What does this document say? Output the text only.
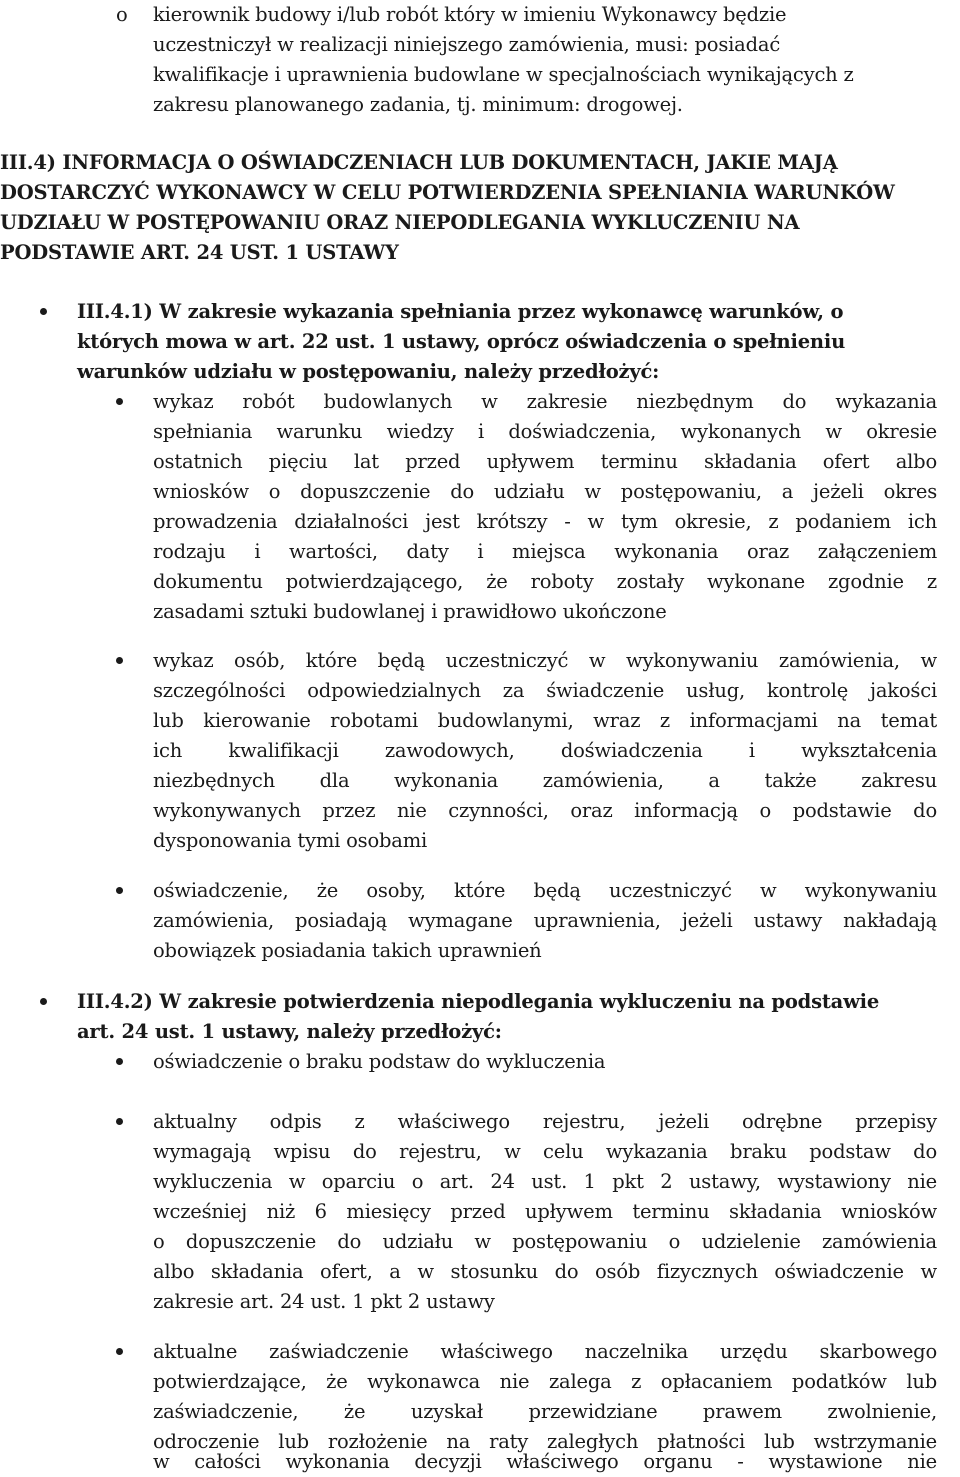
o kierownik budowy i/lub robót który w imieniu Wykonawcy będzie
uczestniczył w realizacji niniejszego zamówienia, musi: posiadać
kwalifikacje i uprawnienia budowlane w specjalnościach wynikających z
zakresu planowanego zadania, tj. minimum: drogowej.
III.4) INFORMACJA O OŚWIADCZENIACH LUB DOKUMENTACH, JAKIE MAJĄ
DOSTARCZYĆ WYKONAWCY W CELU POTWIERDZENIA SPEŁNIANIA WARUNKÓW
UDZIAŁU W POSTĘPOWANIU ORAZ NIEPODLEGANIA WYKLUCZENIU NA
PODSTAWIE ART. 24 UST. 1 USTAWY
III.4.1) W zakresie wykazania spełniania przez wykonawcę warunków, o
których mowa w art. 22 ust. 1 ustawy, oprócz oświadczenia o spełnieniu
warunków udziału w postępowaniu, należy przedłożyć:
wykaz robót budowlanych w zakresie niezbędnym do wykazania
spełniania warunku wiedzy i doświadczenia, wykonanych w okresie
ostatnich pięciu lat przed upływem terminu składania ofert albo
wniosków o dopuszczenie do udziału w postępowaniu, a jeżeli okres
prowadzenia działalności jest krótszy - w tym okresie, z podaniem ich
rodzaju i wartości, daty i miejsca wykonania oraz załączeniem
dokumentu potwierdzającego, że roboty zostały wykonane zgodnie z
zasadami sztuki budowlanej i prawidłowo ukończone
wykaz osób, które będą uczestniczyć w wykonywaniu zamówienia, w
szczególności odpowiedzialnych za świadczenie usług, kontrolę jakości
lub kierowanie robotami budowlanymi, wraz z informacjami na temat
ich kwalifikacji zawodowych, doświadczenia i wykształcenia
niezbędnych dla wykonania zamówienia, a także zakresu
wykonywanych przez nie czynności, oraz informacją o podstawie do
dysponowania tymi osobami
oświadczenie, że osoby, które będą uczestniczyć w wykonywaniu
zamówienia, posiadają wymagane uprawnienia, jeżeli ustawy nakładają
obowiązek posiadania takich uprawnień
III.4.2) W zakresie potwierdzenia niepodlegania wykluczeniu na podstawie
art. 24 ust. 1 ustawy, należy przedłożyć:
oświadczenie o braku podstaw do wykluczenia
aktualny odpis z właściwego rejestru, jeżeli odrębne przepisy
wymagają wpisu do rejestru, w celu wykazania braku podstaw do
wykluczenia w oparciu o art. 24 ust. 1 pkt 2 ustawy, wystawiony nie
wcześniej niż 6 miesięcy przed upływem terminu składania wniosków
o dopuszczenie do udziału w postępowaniu o udzielenie zamówienia
albo składania ofert, a w stosunku do osób fizycznych oświadczenie w
zakresie art. 24 ust. 1 pkt 2 ustawy
aktualne zaświadczenie właściwego naczelnika urzędu skarbowego
potwierdzające, że wykonawca nie zalega z opłacaniem podatków lub
zaświadczenie, że uzyskał przewidziane prawem zwolnienie,
odroczenie lub rozłożenie na raty zaległych płatności lub wstrzymanie
w całości wykonania decyzji właściwego organu - wystawione nie
